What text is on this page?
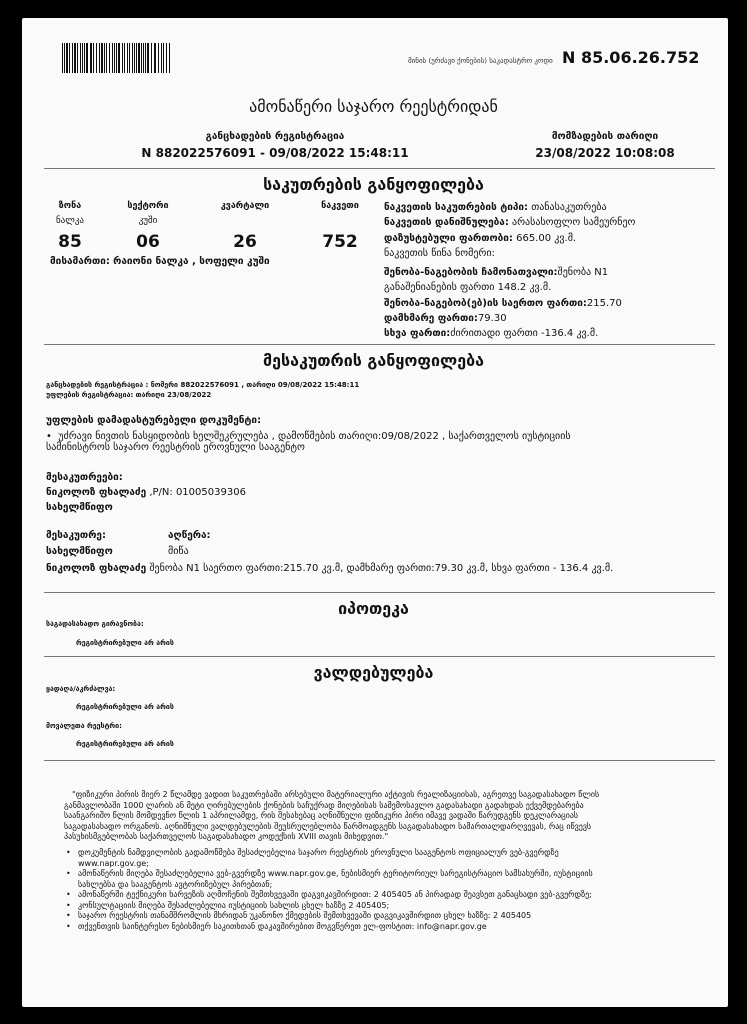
მინის (ურძავი ქონების) საკადასტრო კოდი N 85.06.26.752
ამონაწერი საჯარო რეესტრიდან
განცხადების რეგისტრაცია
N 882022576091 - 09/08/2022 15:48:11
მომზადების თარიღი
23/08/2022 10:08:08
საკუთრების განყოფილება
ზონა
ნალკა
85
სექტორი
კუში
06
კვარტალი
26
ნაკვეთი
752
მისამართი: რაიონი ნალკა , სოფელი კუში
ნაკვეთის საკუთრების ტიპი: თანასაკუთრება
ნაკვეთის დანიშნულება: არასასოფლო სამეურნეო
დაზუსტებული ფართობი: 665.00 კვ.მ.
ნაკვეთის წინა ნომერი:
შენობა-ნაგებობის ჩამონათვალი:შენობა N1
განაშენიანების ფართი 148.2 კვ.მ.
შენობა-ნაგებობ(ებ)ის საერთო ფართი:215.70
დამხმარე ფართი:79.30
სხვა ფართი:ძირითადი ფართი -136.4 კვ.მ.
მესაკუთრის განყოფილება
განცხადების რეგისტრაცია : ნომერი 882022576091 , თარიღი 09/08/2022 15:48:11
უფლების რეგისტრაცია: თარიღი 23/08/2022
უფლების დამადასტურებელი დოკუმენტი:
•  უძრავი ნივთის ნასყიდობის ხელშეკრულება , დამოწმების თარიღი:09/08/2022 , საქართველოს იუსტიციის
სამინისტროს საჯარო რეესტრის ეროვნული სააგენტო
მესაკუთრეები:
ნიკოლოზ ფხალაძე ,P/N: 01005039306
სახელმწიფო
მესაკუთრე:	აღწერა:
სახელმწიფო	მიწა
ნიკოლოზ ფხალაძე შენობა N1 საერთო ფართი:215.70 კვ.მ, დამხმარე ფართი:79.30 კვ.მ, სხვა ფართი - 136.4 კვ.მ.
იპოთეკა
საგადასახადო გირავნობა:
რეგისტრირებული არ არის
ვალდებულება
ყადაღა/აკრძალვა:
რეგისტრირებული არ არის
მოვალეთა რეესტრი:
რეგისტრირებული არ არის
"ფიზიკური პირის მიერ 2 წლამდე ვადით საკუთრებაში არსებული მატერიალური აქტივის რეალიზაციისას, აგრეთვე საგადასახადო წლის
განმავლობაში 1000 ლარის ან მეტი ღირებულების ქონების საჩუქრად მიღებისას სამემოსავლო გადასახადი გადახდას ექვემდებარება
საანგარიშო წლის მომდევნო წლის 1 აპრილამდე, რის შესახებაც აღნიშნული ფიზიკური პირი იმავე ვადაში წარუდგენს დეკლარაციას
საგადასახადო ორგანოს. აღნიშნული ვალდებულების შეუსრულებლობა წარმოადგენს საგადასახადო სამართალდარღვევას, რაც იწვევს
პასუხისმგებლობას საქართველოს საგადასახადო კოდექსის XVIII თავის მიხედვით."
• დოკუმენტის ნამდვილობის გადამოწმება შესაძლებელია საჯარო რეესტრის ეროვნული სააგენტოს ოფიციალურ ვებ-გვერდზე
www.napr.gov.ge;
• ამონაწერის მიღება შესაძლებელია ვებ-გვერდზე www.napr.gov.ge, ნებისმიერ ტერიტორიულ სარეგისტრაციო სამსახურში, იუსტიციის
სახლებსა და სააგენტოს ავტორიზებულ პირებთან;
• ამონაწერში ტექნიკური ხარვეზის აღმოჩენის შემთხვევაში დაგვიკავშირდით: 2 405405 ან პირადად შეავსეთ განაცხადი ვებ-გვერდზე;
• კონსულტაციის მიღება შესაძლებელია იუსტიციის სახლის ცხელ ხაზზე 2 405405;
• საჯარო რეესტრის თანამშრომლის მხრიდან უკანონო ქმედების შემთხვევაში დაგვიკავშირდით ცხელ ხაზზე: 2 405405
• თქვენთვის საინტერესო ნებისმიერ საკითხთან დაკავშირებით მოგვწერეთ ელ-ფოსტით: info@napr.gov.ge
